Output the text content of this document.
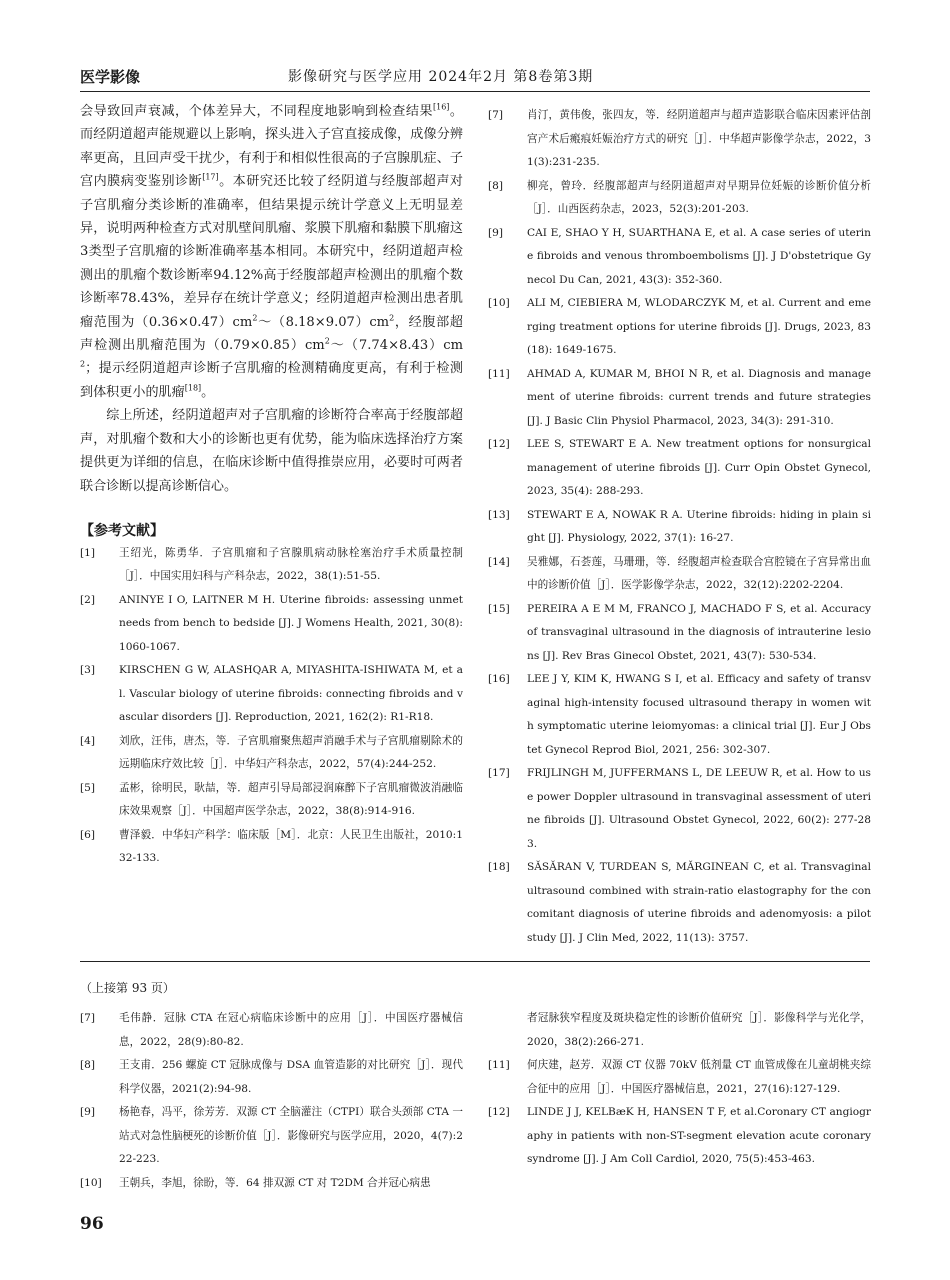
医学影像	影像研究与医学应用 2024年2月 第8卷第3期

会导致回声衰减，个体差异大，不同程度地影响到检查结果[16]。而经阴道超声能规避以上影响，探头进入子宫直接成像，成像分辨率更高，且回声受干扰少，有利于和相似性很高的子宫腺肌症、子宫内膜病变鉴别诊断[17]。本研究还比较了经阴道与经腹部超声对子宫肌瘤分类诊断的准确率，但结果提示统计学意义上无明显差异，说明两种检查方式对肌壁间肌瘤、浆膜下肌瘤和黏膜下肌瘤这3类型子宫肌瘤的诊断准确率基本相同。本研究中，经阴道超声检测出的肌瘤个数诊断率94.12%高于经腹部超声检测出的肌瘤个数诊断率78.43%，差异存在统计学意义；经阴道超声检测出患者肌瘤范围为$(0.36\times 0.47)cm^2\sim(8.18\times 9.07)cm^2$，经腹部超声检测出肌瘤范围为$(0.79\times 0.85)cm^2\sim(7.74\times 8.43)cm^2$；提示经阴道超声诊断子宫肌瘤的检测精确度更高，有利于检测到体积更小的肌瘤[18]。

综上所述，经阴道超声对子宫肌瘤的诊断符合率高于经腹部超声，对肌瘤个数和大小的诊断也更有优势，能为临床选择治疗方案提供更为详细的信息，在临床诊断中值得推崇应用，必要时可两者联合诊断以提高诊断信心。

【参考文献】

[1] 王绍光，陈勇华．子宫肌瘤和子宫腺肌病动脉栓塞治疗手术质量控制［J］．中国实用妇科与产科杂志，2022，38(1):51-55.
[2] ANINYE I O, LAITNER M H. Uterine fibroids: assessing unmet needs from bench to bedside [J]. J Womens Health, 2021, 30(8): 1060-1067.
[3] KIRSCHEN G W, ALASHQAR A, MIYASHITA-ISHIWATA M, et al. Vascular biology of uterine fibroids: connecting fibroids and vascular disorders [J]. Reproduction, 2021, 162(2): R1-R18.
[4] 刘欣，汪伟，唐杰，等．子宫肌瘤聚焦超声消融手术与子宫肌瘤剔除术的远期临床疗效比较［J］．中华妇产科杂志，2022，57(4):244-252.
[5] 孟彬，徐明民，耿喆，等．超声引导局部浸润麻醉下子宫肌瘤微波消融临床效果观察［J］．中国超声医学杂志，2022，38(8):914-916.
[6] 曹泽毅．中华妇产科学：临床版［M］．北京：人民卫生出版社，2010:132-133.
[7] 肖汀，黄伟俊，张四友，等．经阴道超声与超声造影联合临床因素评估剖宫产术后瘢痕妊娠治疗方式的研究［J］．中华超声影像学杂志，2022，31(3):231-235.
[8] 柳亮，曾玲．经腹部超声与经阴道超声对早期异位妊娠的诊断价值分析［J］．山西医药杂志，2023，52(3):201-203.
[9] CAI E, SHAO Y H, SUARTHANA E, et al. A case series of uterine fibroids and venous thromboembolisms [J]. J D'obstetrique Gynecol Du Can, 2021, 43(3): 352-360.
[10] ALI M, CIEBIERA M, WLODARCZYK M, et al. Current and emerging treatment options for uterine fibroids [J]. Drugs, 2023, 83(18): 1649-1675.
[11] AHMAD A, KUMAR M, BHOI N R, et al. Diagnosis and management of uterine fibroids: current trends and future strategies [J]. J Basic Clin Physiol Pharmacol, 2023, 34(3): 291-310.
[12] LEE S, STEWART E A. New treatment options for nonsurgical management of uterine fibroids [J]. Curr Opin Obstet Gynecol, 2023, 35(4): 288-293.
[13] STEWART E A, NOWAK R A. Uterine fibroids: hiding in plain sight [J]. Physiology, 2022, 37(1): 16-27.
[14] 吴雅娜，石荟莲，马珊珊，等．经腹超声检查联合宫腔镜在子宫异常出血中的诊断价值［J］．医学影像学杂志，2022，32(12):2202-2204.
[15] PEREIRA A E M M, FRANCO J, MACHADO F S, et al. Accuracy of transvaginal ultrasound in the diagnosis of intrauterine lesions [J]. Rev Bras Ginecol Obstet, 2021, 43(7): 530-534.
[16] LEE J Y, KIM K, HWANG S I, et al. Efficacy and safety of transvaginal high-intensity focused ultrasound therapy in women with symptomatic uterine leiomyomas: a clinical trial [J]. Eur J Obstet Gynecol Reprod Biol, 2021, 256: 302-307.
[17] FRIJLINGH M, JUFFERMANS L, DE LEEUW R, et al. How to use power Doppler ultrasound in transvaginal assessment of uterine fibroids [J]. Ultrasound Obstet Gynecol, 2022, 60(2): 277-283.
[18] SĂSĂRAN V, TURDEAN S, MĂRGINEAN C, et al. Transvaginal ultrasound combined with strain-ratio elastography for the concomitant diagnosis of uterine fibroids and adenomyosis: a pilot study [J]. J Clin Med, 2022, 11(13): 3757.
（上接第 93 页）
[7] 毛伟静．冠脉 CTA 在冠心病临床诊断中的应用［J］．中国医疗器械信息，2022，28(9):80-82.
[8] 王支甫．256 螺旋 CT 冠脉成像与 DSA 血管造影的对比研究［J］．现代科学仪器，2021(2):94-98.
[9] 杨艳春，冯平，徐芳芳．双源 CT 全脑灌注（CTPI）联合头颈部 CTA 一站式对急性脑梗死的诊断价值［J］．影像研究与医学应用，2020，4(7):222-223.
[10] 王朝兵，李旭，徐盼，等．64 排双源 CT 对 T2DM 合并冠心病患
者冠脉狭窄程度及斑块稳定性的诊断价值研究［J］．影像科学与光化学，2020，38(2):266-271.
[11] 何庆建，赵芳．双源 CT 仪器 70kV 低剂量 CT 血管成像在儿童胡桃夹综合征中的应用［J］．中国医疗器械信息，2021，27(16):127-129.
[12] LINDE J J, KELBæK H, HANSEN T F, et al.Coronary CT angiography in patients with non-ST-segment elevation acute coronary syndrome [J]. J Am Coll Cardiol, 2020, 75(5):453-463.
96
